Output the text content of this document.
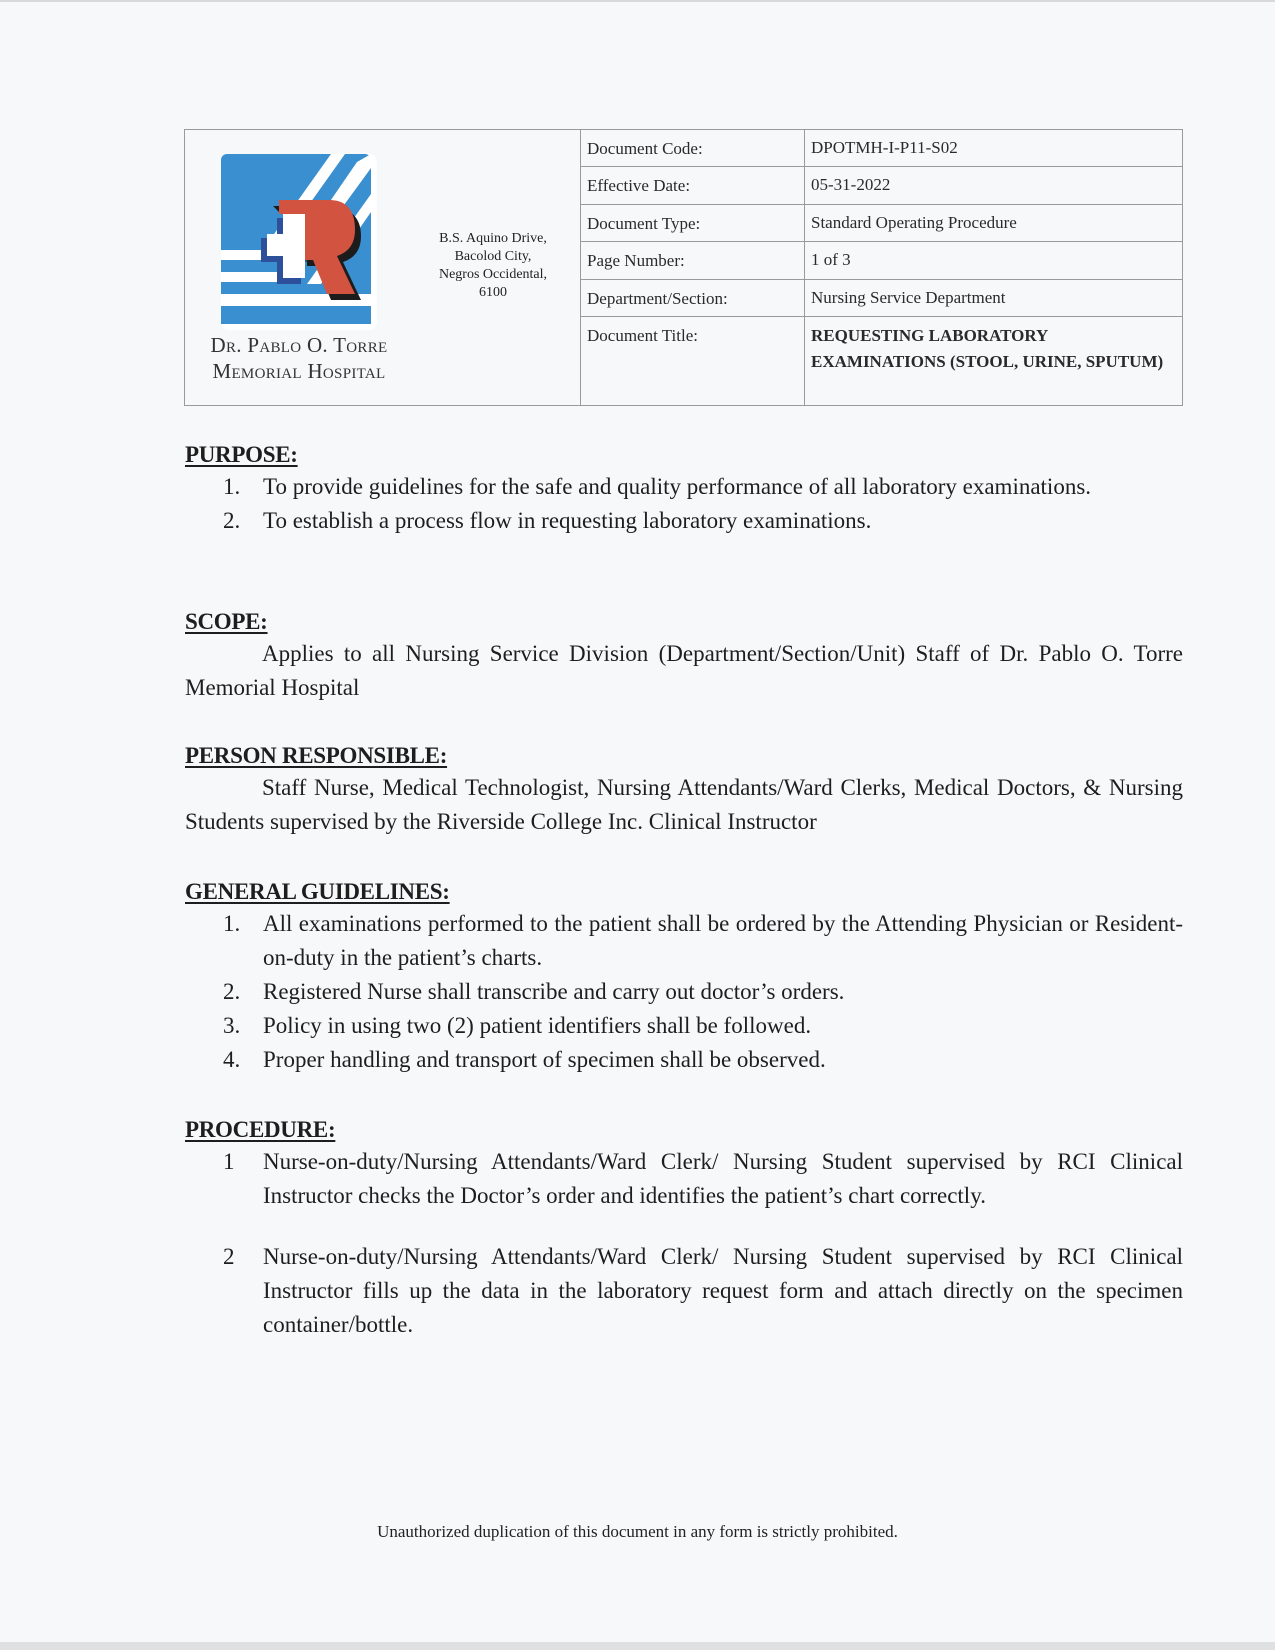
Dr. Pablo O. Torre
Memorial Hospital
B.S. Aquino Drive,
Bacolod City,
Negros Occidental,
6100
Document Code:	DPOTMH-I-P11-S02
Effective Date:	05-31-2022
Document Type:	Standard Operating Procedure
Page Number:	1 of 3
Department/Section:	Nursing Service Department
Document Title:	REQUESTING LABORATORY EXAMINATIONS (STOOL, URINE, SPUTUM)
PURPOSE:
1. To provide guidelines for the safe and quality performance of all laboratory examinations.
2. To establish a process flow in requesting laboratory examinations.
SCOPE:

Applies to all Nursing Service Division (Department/Section/Unit) Staff of Dr. Pablo O. Torre Memorial Hospital

PERSON RESPONSIBLE:

Staff Nurse, Medical Technologist, Nursing Attendants/Ward Clerks, Medical Doctors, & Nursing Students supervised by the Riverside College Inc. Clinical Instructor

GENERAL GUIDELINES:
1. All examinations performed to the patient shall be ordered by the Attending Physician or Resident-on-duty in the patient’s charts.
2. Registered Nurse shall transcribe and carry out doctor’s orders.
3. Policy in using two (2) patient identifiers shall be followed.
4. Proper handling and transport of specimen shall be observed.
PROCEDURE:
1 Nurse-on-duty/Nursing Attendants/Ward Clerk/ Nursing Student supervised by RCI Clinical Instructor checks the Doctor’s order and identifies the patient’s chart correctly.
2 Nurse-on-duty/Nursing Attendants/Ward Clerk/ Nursing Student supervised by RCI Clinical Instructor fills up the data in the laboratory request form and attach directly on the specimen container/bottle.
Unauthorized duplication of this document in any form is strictly prohibited.
